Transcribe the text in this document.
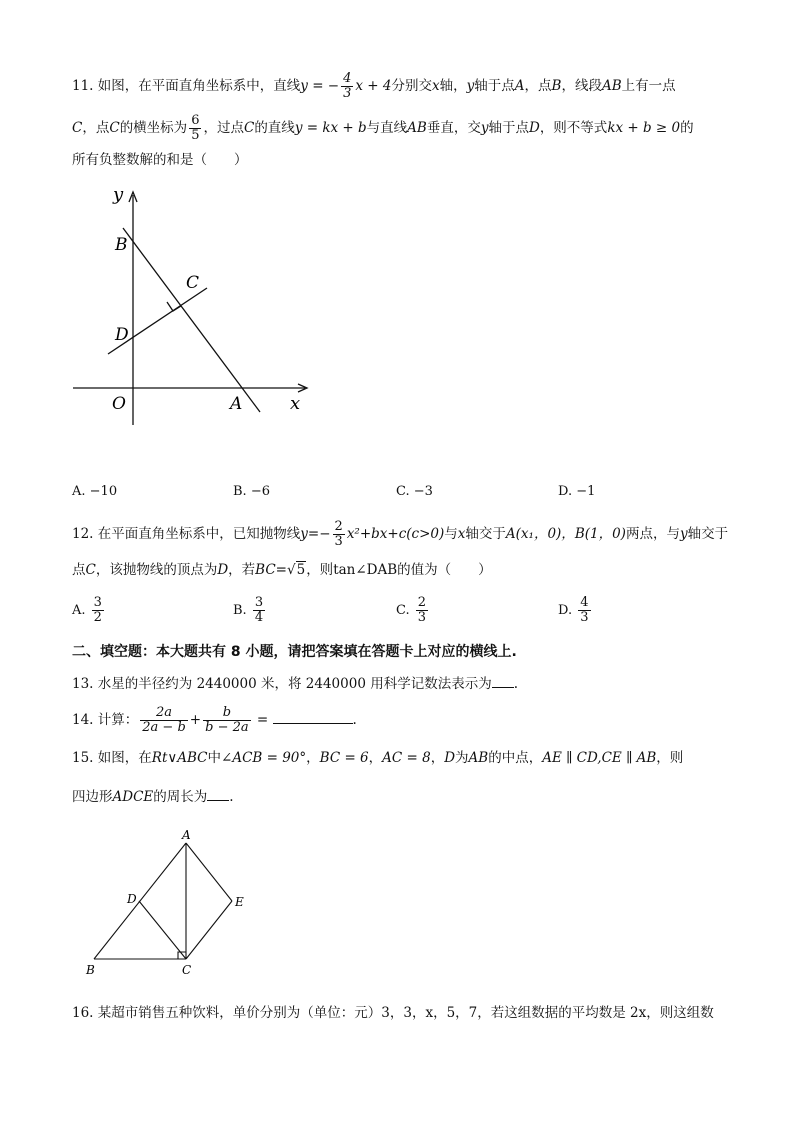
11. 如图，在平面直角坐标系中，直线y = − $\frac{4}{3}$ x + 4分别交x轴，y轴于点A，点B，线段AB上有一点
C，点C的横坐标为 $\frac{6}{5}$ ，过点C的直线y = kx + b与直线AB垂直，交y轴于点D，则不等式kx + b ≥ 0的
所有负整数解的和是（　　）
y
B
C
D
O	A	x
A. −10	B. −6	C. −3	D. −1
12. 在平面直角坐标系中，已知抛物线$y=- \frac{2}{3} x^2+bx+c(c>0)$与x轴交于A(x₁，0)，B(1，0)两点，与y轴交于
点C，该抛物线的顶点为D，若BC=√5，则tan∠DAB的值为（　　）
A. $\frac{3}{2}$	B. $\frac{3}{4}$	C. $\frac{2}{3}$	D. $\frac{4}{3}$
二、填空题：本大题共有 8 小题，请把答案填在答题卡上对应的横线上.
13. 水星的半径约为 2440000 米，将 2440000 用科学记数法表示为 .
14. 计算： $\frac{2a}{2a - b} + \frac{b}{b - 2a}$ =	.
15. 如图，在Rt∨ABC中∠ACB = 90°，BC = 6，AC = 8，D为AB的中点，AE ∥ CD,CE ∥ AB，则
四边形ADCE的周长为 .
A
D	E
B	C
16. 某超市销售五种饮料，单价分别为（单位：元）3，3，x，5，7，若这组数据的平均数是 2x，则这组数
